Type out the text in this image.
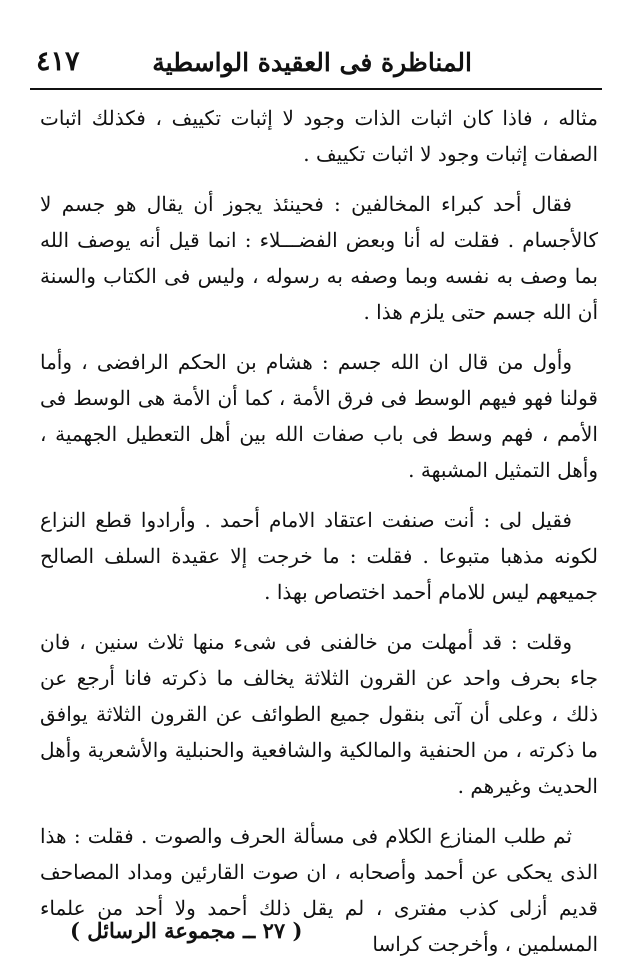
المناظرة فى العقيدة الواسطية
٤١٧

مثاله ، فاذا كان اثبات الذات وجود لا إثبات تكييف ، فكذلك اثبات الصفات إثبات وجود لا اثبات تكييف .

فقال أحد كبراء المخالفين : فحينئذ يجوز أن يقال هو جسم لا كالأجسام . فقلت له أنا وبعض الفضـــلاء : انما قيل أنه يوصف الله بما وصف به نفسه وبما وصفه به رسوله ، وليس فى الكتاب والسنة أن الله جسم حتى يلزم هذا .

وأول من قال ان الله جسم : هشام بن الحكم الرافضى ، وأما قولنا فهو فيهم الوسط فى فرق الأمة ، كما أن الأمة هى الوسط فى الأمم ، فهم وسط فى باب صفات الله بين أهل التعطيل الجهمية ، وأهل التمثيل المشبهة .

فقيل لى : أنت صنفت اعتقاد الامام أحمد . وأرادوا قطع النزاع لكونه مذهبا متبوعا . فقلت : ما خرجت إلا عقيدة السلف الصالح جميعهم ليس للامام أحمد اختصاص بهذا .

وقلت : قد أمهلت من خالفنى فى شىء منها ثلاث سنين ، فان جاء بحرف واحد عن القرون الثلاثة يخالف ما ذكرته فانا أرجع عن ذلك ، وعلى أن آتى بنقول جميع الطوائف عن القرون الثلاثة يوافق ما ذكرته ، من الحنفية والمالكية والشافعية والحنبلية والأشعرية وأهل الحديث وغيرهم .

ثم طلب المنازع الكلام فى مسألة الحرف والصوت . فقلت : هذا الذى يحكى عن أحمد وأصحابه ، ان صوت القارئين ومداد المصاحف قديم أزلى كذب مفترى ، لم يقل ذلك أحمد ولا أحد من علماء المسلمين ، وأخرجت كراسا

( ٢٧ ــ مجموعة الرسائل )
